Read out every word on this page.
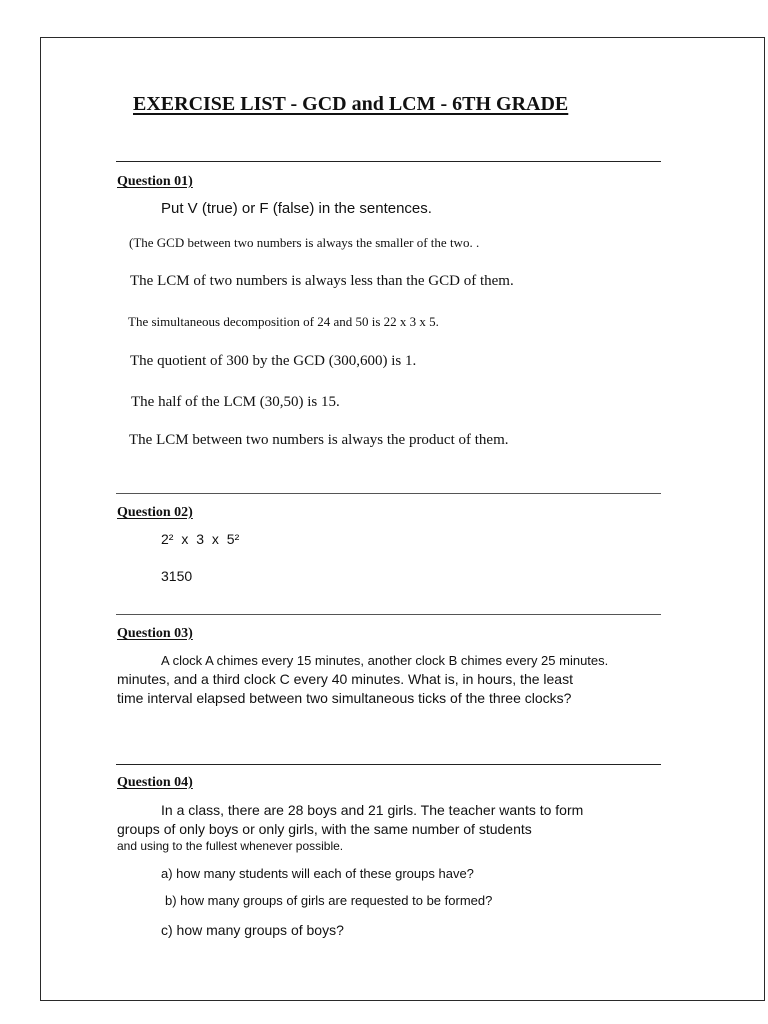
EXERCISE LIST - GCD and LCM - 6TH GRADE
Question 01)
Put V (true) or F (false) in the sentences.
(The GCD between two numbers is always the smaller of the two. .
The LCM of two numbers is always less than the GCD of them.
The simultaneous decomposition of 24 and 50 is 22 x 3 x 5.
The quotient of 300 by the GCD (300,600) is 1.
The half of the LCM (30,50) is 15.
The LCM between two numbers is always the product of them.
Question 02)
2² x 3 x 5²
3150
Question 03)
A clock A chimes every 15 minutes, another clock B chimes every 25 minutes.
minutes, and a third clock C every 40 minutes. What is, in hours, the least
time interval elapsed between two simultaneous ticks of the three clocks?
Question 04)
In a class, there are 28 boys and 21 girls. The teacher wants to form
groups of only boys or only girls, with the same number of students
and using to the fullest whenever possible.
a) how many students will each of these groups have?
b) how many groups of girls are requested to be formed?
c) how many groups of boys?
